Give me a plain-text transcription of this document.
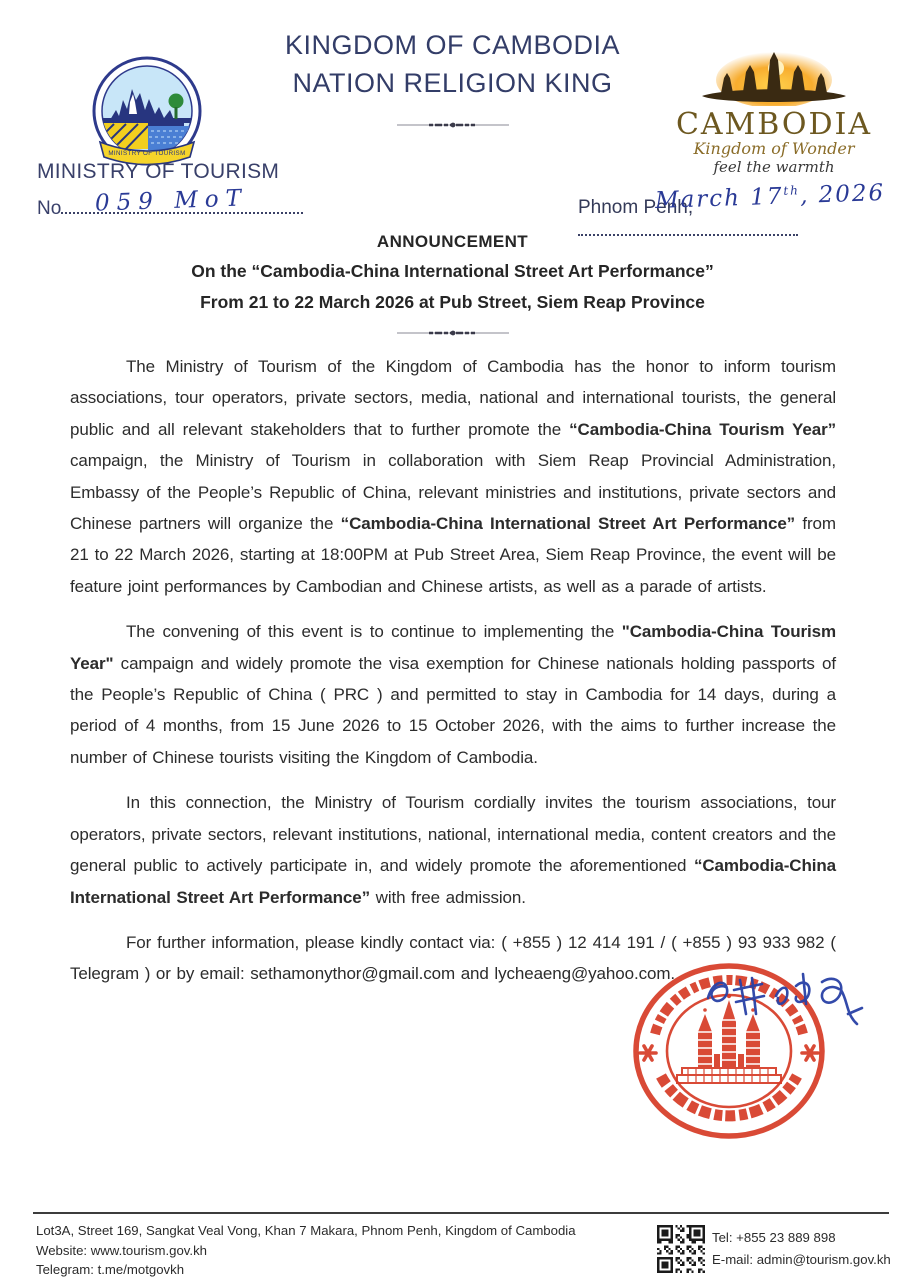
KINGDOM OF CAMBODIA
NATION RELIGION KING
MINISTRY OF TOURISM
CAMBODIA
Kingdom of Wonder
feel the warmth
MINISTRY OF TOURISM
No	059 MoT	Phnom Penh,
March 17th, 2026
ANNOUNCEMENT
On the “Cambodia-China International Street Art Performance”
From 21 to 22 March 2026 at Pub Street, Siem Reap Province

The Ministry of Tourism of the Kingdom of Cambodia has the honor to inform tourism associations, tour operators, private sectors, media, national and international tourists, the general public and all relevant stakeholders that to further promote the “Cambodia-China Tourism Year” campaign, the Ministry of Tourism in collaboration with Siem Reap Provincial Administration, Embassy of the People’s Republic of China, relevant ministries and institutions, private sectors and Chinese partners will organize the “Cambodia-China International Street Art Performance” from 21 to 22 March 2026, starting at 18:00PM at Pub Street Area, Siem Reap Province, the event will be feature joint performances by Cambodian and Chinese artists, as well as a parade of artists.

The convening of this event is to continue to implementing the "Cambodia-China Tourism Year" campaign and widely promote the visa exemption for Chinese nationals holding passports of the People’s Republic of China ( PRC ) and permitted to stay in Cambodia for 14 days, during a period of 4 months, from 15 June 2026 to 15 October 2026, with the aims to further increase the number of Chinese tourists visiting the Kingdom of Cambodia.

In this connection, the Ministry of Tourism cordially invites the tourism associations, tour operators, private sectors, relevant institutions, national, international media, content creators and the general public to actively participate in, and widely promote the aforementioned “Cambodia-China International Street Art Performance” with free admission.

For further information, please kindly contact via: ( +855 ) 12 414 191 / ( +855 ) 93 933 982 ( Telegram ) or by email: sethamonythor@gmail.com and lycheaeng@yahoo.com.

Lot3A, Street 169, Sangkat Veal Vong, Khan 7 Makara, Phnom Penh, Kingdom of Cambodia
Website: www.tourism.gov.kh
Telegram: t.me/motgovkh
Tel: +855 23 889 898
E-mail: admin@tourism.gov.kh
